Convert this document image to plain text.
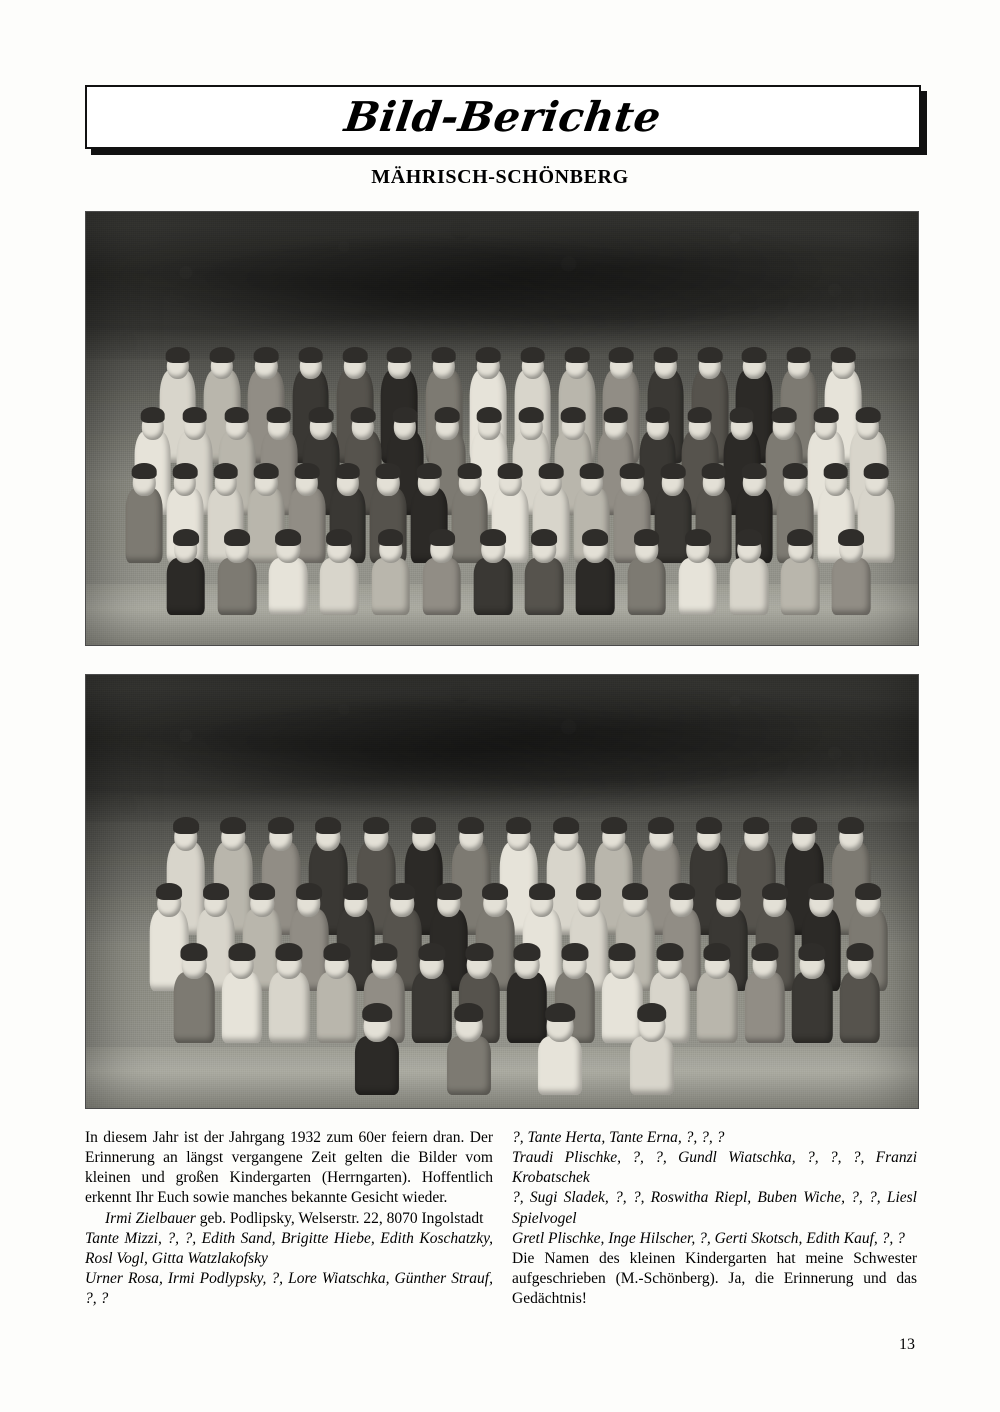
Bild-Berichte
MÄHRISCH-SCHÖNBERG

In diesem Jahr ist der Jahrgang 1932 zum 60er feiern dran. Der Erinnerung an längst vergangene Zeit gelten die Bilder vom kleinen und großen Kindergarten (Herrngarten). Hoffentlich erkennt Ihr Euch sowie manches bekannte Gesicht wieder.

Irmi Zielbauer geb. Podlipsky, Welserstr. 22, 8070 Ingolstadt

Tante Mizzi, ?, ?, Edith Sand, Brigitte Hiebe, Edith Koschatzky, Rosl Vogl, Gitta Watzlakofsky

Urner Rosa, Irmi Podlypsky, ?, Lore Wiatschka, Günther Strauf, ?, ?

?, Tante Herta, Tante Erna, ?, ?, ?

Traudi Plischke, ?, ?, Gundl Wiatschka, ?, ?, ?, Franzi Krobatschek

?, Sugi Sladek, ?, ?, Roswitha Riepl, Buben Wiche, ?, ?, Liesl Spielvogel

Gretl Plischke, Inge Hilscher, ?, Gerti Skotsch, Edith Kauf, ?, ?

Die Namen des kleinen Kindergarten hat meine Schwester aufgeschrieben (M.-Schönberg). Ja, die Erinnerung und das Gedächtnis!

13
